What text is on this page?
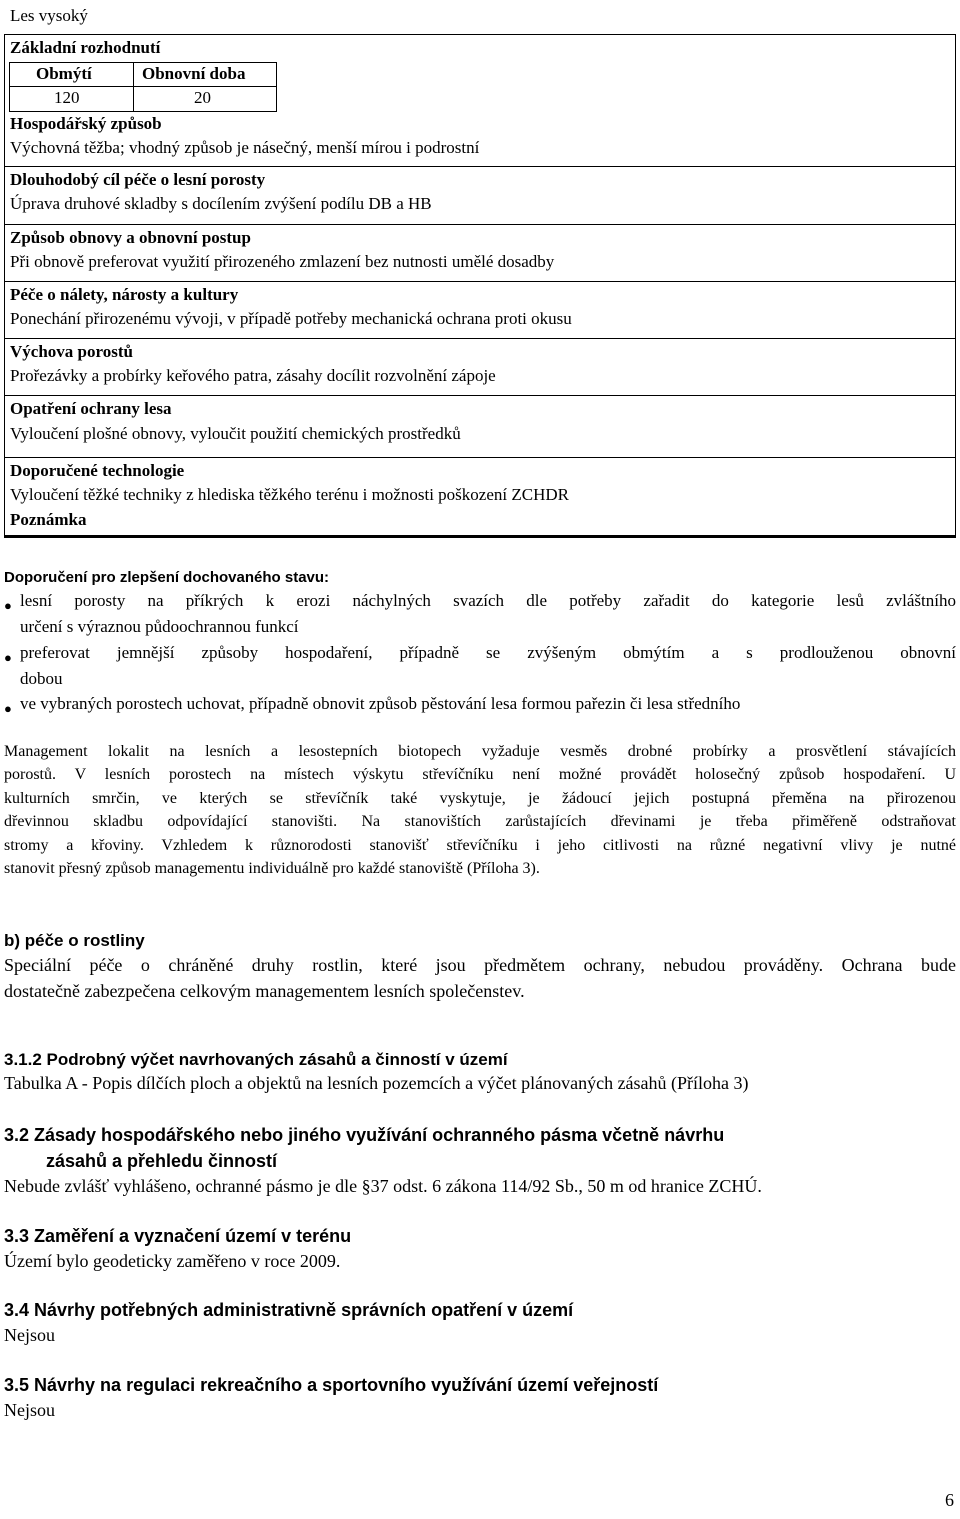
Les vysoký
Základní rozhodnutí
Obmýtí	Obnovní doba
120	20
Hospodářský způsob
Výchovná těžba; vhodný způsob je násečný, menší mírou i podrostní
Dlouhodobý cíl péče o lesní porosty
Úprava druhové skladby s docílením zvýšení podílu DB a HB
Způsob obnovy a obnovní postup
Při obnově preferovat využití přirozeného zmlazení bez nutnosti umělé dosadby
Péče o nálety, nárosty a kultury
Ponechání přirozenému vývoji, v případě potřeby mechanická ochrana proti okusu
Výchova porostů
Prořezávky a probírky keřového patra, zásahy docílit rozvolnění zápoje
Opatření ochrany lesa
Vyloučení plošné obnovy, vyloučit použití chemických prostředků
Doporučené technologie
Vyloučení těžké techniky z hlediska těžkého terénu i možnosti poškození ZCHDR
Poznámka
Doporučení pro zlepšení dochovaného stavu:
● lesní porosty na příkrých k erozi náchylných svazích dle potřeby zařadit do kategorie lesů zvláštního
určení s výraznou půdoochrannou funkcí
● preferovat jemnější způsoby hospodaření, případně se zvýšeným obmýtím a s prodlouženou obnovní
dobou
● ve vybraných porostech uchovat, případně obnovit způsob pěstování lesa formou pařezin či lesa středního
Management lokalit na lesních a lesostepních biotopech vyžaduje vesměs drobné probírky a prosvětlení stávajících
porostů. V lesních porostech na místech výskytu střevíčníku není možné provádět holosečný způsob hospodaření. U
kulturních smrčin, ve kterých se střevíčník také vyskytuje, je žádoucí jejich postupná přeměna na přirozenou
dřevinnou skladbu odpovídající stanovišti. Na stanovištích zarůstajících dřevinami je třeba přiměřeně odstraňovat
stromy a křoviny. Vzhledem k různorodosti stanovišť střevíčníku i jeho citlivosti na různé negativní vlivy je nutné
stanovit přesný způsob managementu individuálně pro každé stanoviště (Příloha 3).
b) péče o rostliny
Speciální péče o chráněné druhy rostlin, které jsou předmětem ochrany, nebudou prováděny. Ochrana bude
dostatečně zabezpečena celkovým managementem lesních společenstev.
3.1.2 Podrobný výčet navrhovaných zásahů a činností v území
Tabulka A - Popis dílčích ploch a objektů na lesních pozemcích a výčet plánovaných zásahů (Příloha 3)
3.2 Zásady hospodářského nebo jiného využívání ochranného pásma včetně návrhu
zásahů a přehledu činností
Nebude zvlášť vyhlášeno, ochranné pásmo je dle §37 odst. 6 zákona 114/92 Sb., 50 m od hranice ZCHÚ.
3.3 Zaměření a vyznačení území v terénu
Území bylo geodeticky zaměřeno v roce 2009.
3.4 Návrhy potřebných administrativně správních opatření v území
Nejsou
3.5 Návrhy na regulaci rekreačního a sportovního využívání území veřejností
Nejsou
6
